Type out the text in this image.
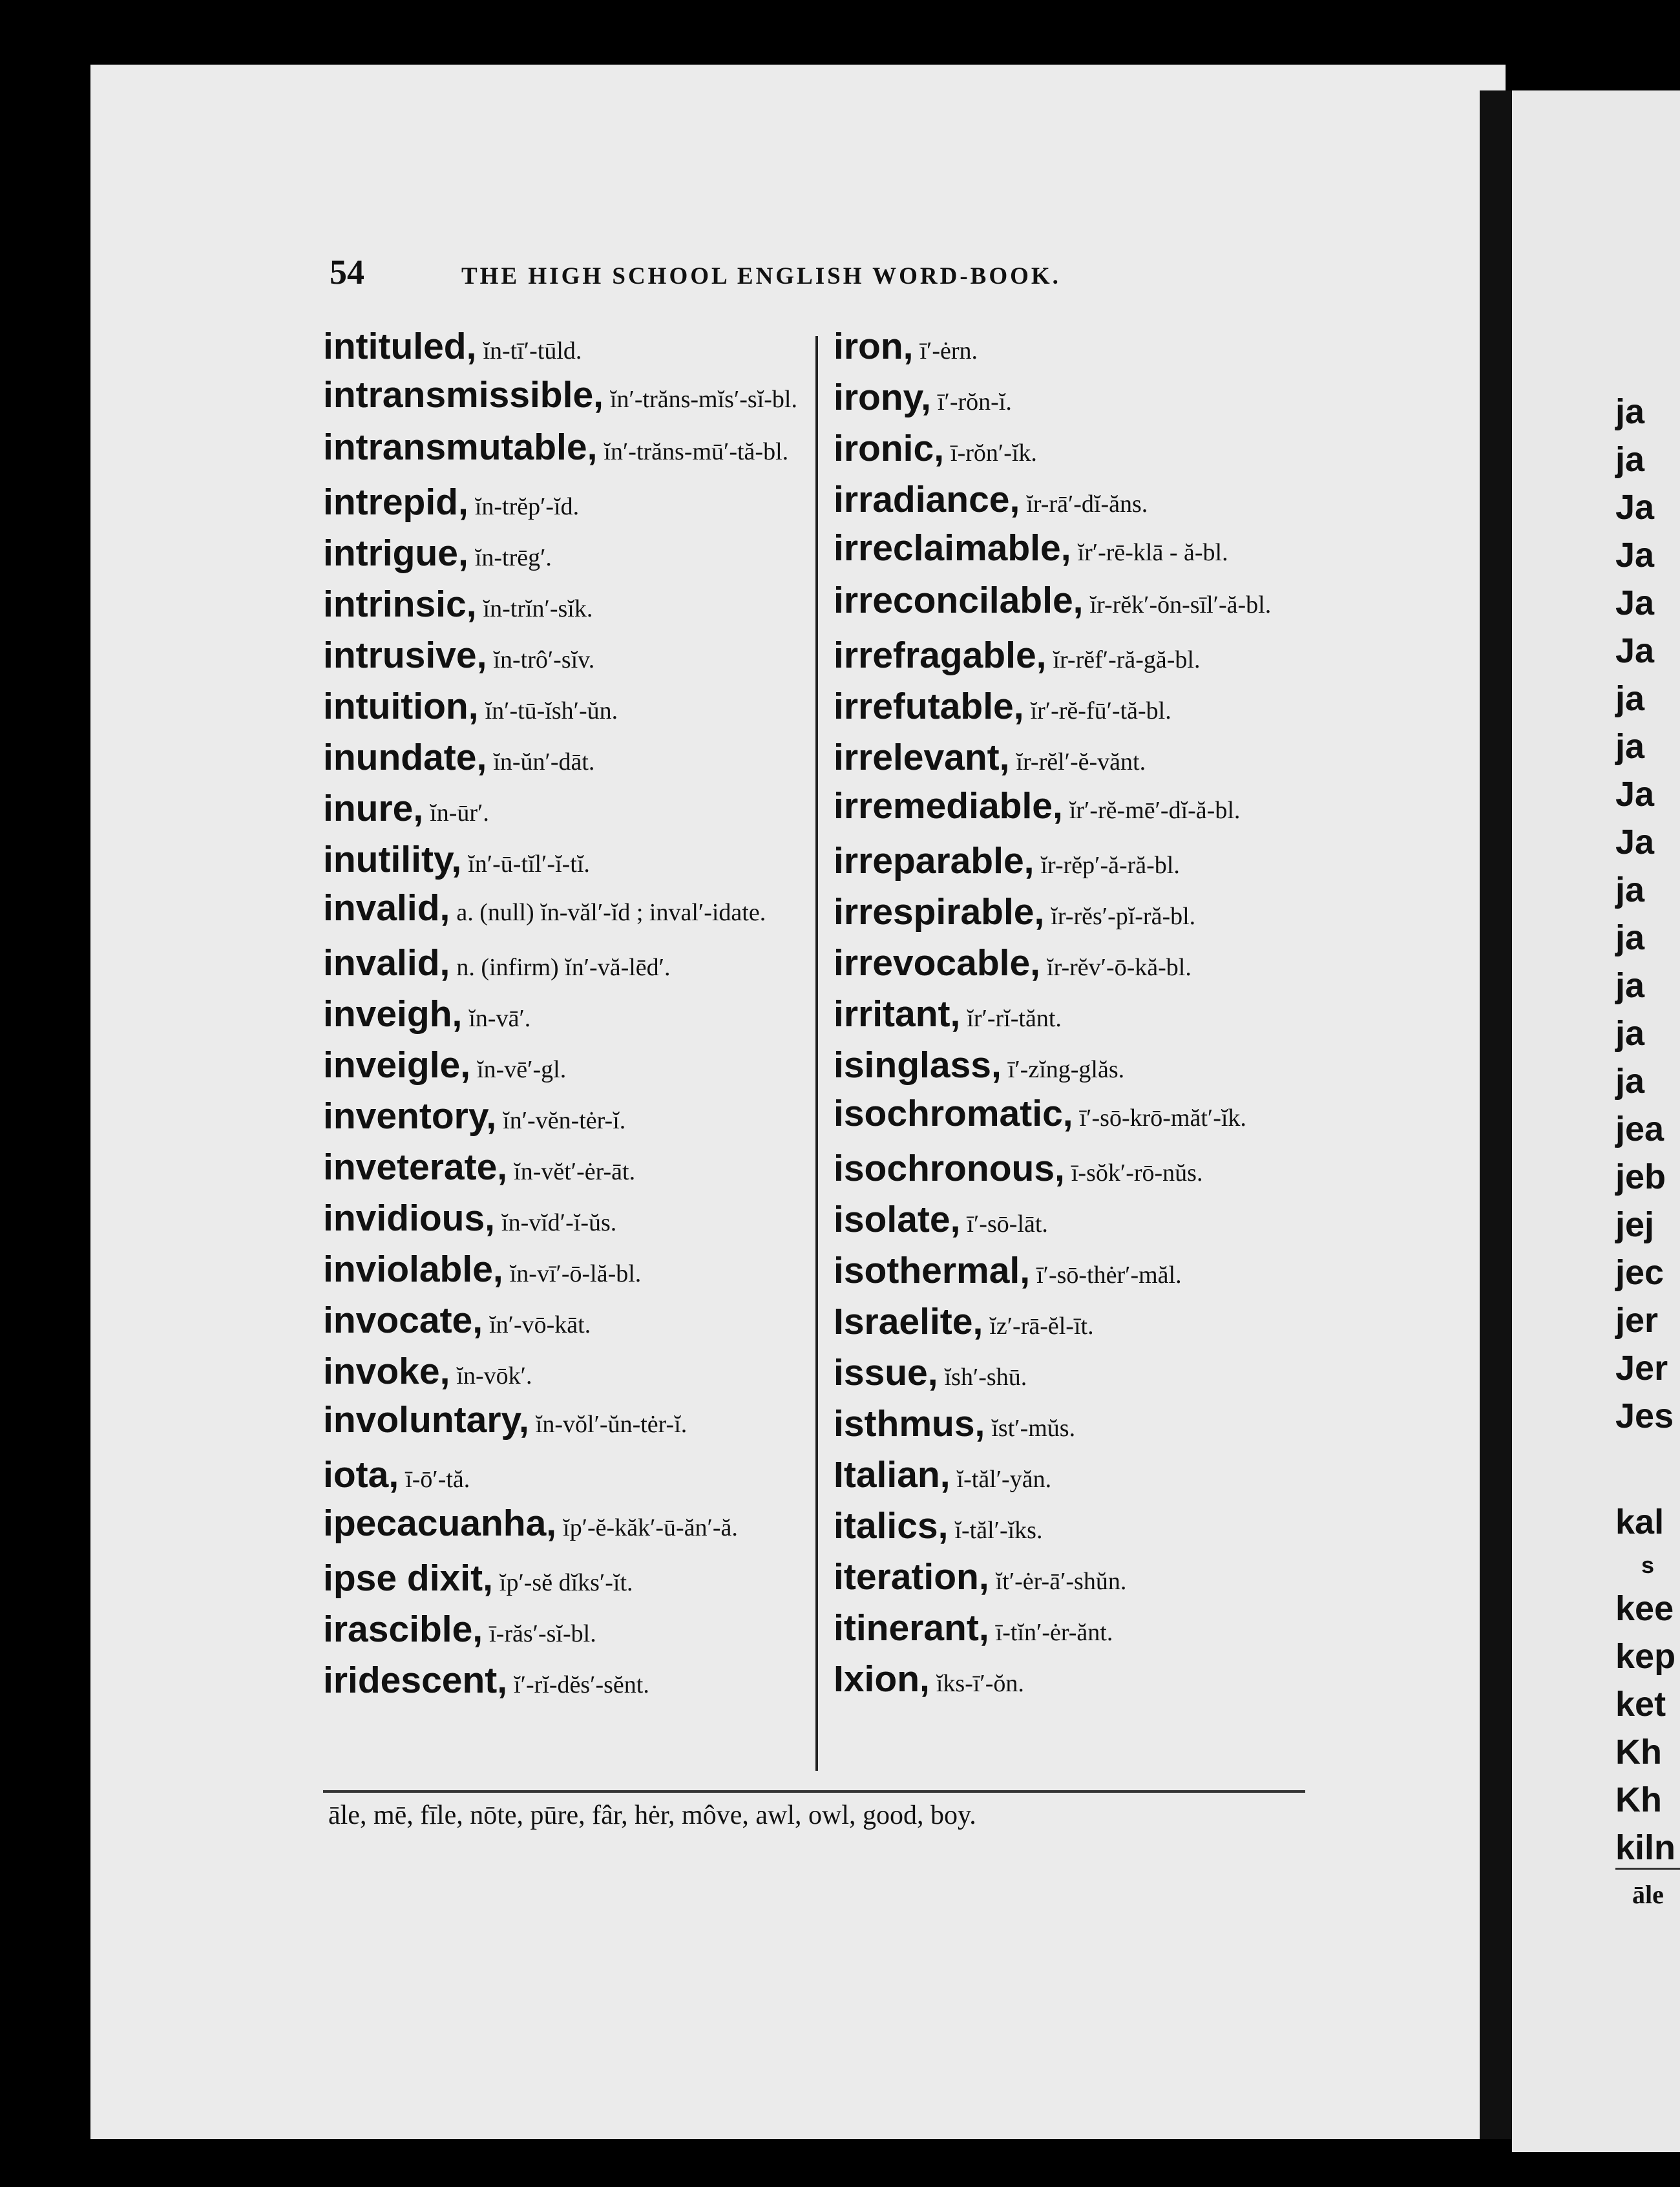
54	THE HIGH SCHOOL ENGLISH WORD-BOOK.
intituled, ĭn-tī′-tūld.
intransmissible, ĭn′-trăns-mĭs′-sĭ-bl.
intransmutable, ĭn′-trăns-mū′-tă-bl.
intrepid, ĭn-trĕp′-ĭd.
intrigue, ĭn-trēg′.
intrinsic, ĭn-trĭn′-sĭk.
intrusive, ĭn-trô′-sĭv.
intuition, ĭn′-tū-ĭsh′-ŭn.
inundate, ĭn-ŭn′-dāt.
inure, ĭn-ūr′.
inutility, ĭn′-ū-tĭl′-ĭ-tĭ.
invalid, a. (null) ĭn-văl′-ĭd ; inval′-idate.
invalid, n. (infirm) ĭn′-vă-lēd′.
inveigh, ĭn-vā′.
inveigle, ĭn-vē′-gl.
inventory, ĭn′-vĕn-tėr-ĭ.
inveterate, ĭn-vĕt′-ėr-āt.
invidious, ĭn-vĭd′-ĭ-ŭs.
inviolable, ĭn-vī′-ō-lă-bl.
invocate, ĭn′-vō-kāt.
invoke, ĭn-vōk′.
involuntary, ĭn-vŏl′-ŭn-tėr-ĭ.
iota, ī-ō′-tă.
ipecacuanha, ĭp′-ĕ-kăk′-ū-ăn′-ă.
ipse dixit, ĭp′-sĕ dĭks′-ĭt.
irascible, ī-răs′-sĭ-bl.
iridescent, ĭ′-rĭ-dĕs′-sĕnt.
iron, ī′-ėrn.
irony, ī′-rŏn-ĭ.
ironic, ī-rŏn′-ĭk.
irradiance, ĭr-rā′-dĭ-ăns.
irreclaimable, ĭr′-rē-klā - ă-bl.
irreconcilable, ĭr-rĕk′-ŏn-sīl′-ă-bl.
irrefragable, ĭr-rĕf′-ră-gă-bl.
irrefutable, ĭr′-rĕ-fū′-tă-bl.
irrelevant, ĭr-rĕl′-ĕ-vănt.
irremediable, ĭr′-rĕ-mē′-dĭ-ă-bl.
irreparable, ĭr-rĕp′-ă-ră-bl.
irrespirable, ĭr-rĕs′-pĭ-ră-bl.
irrevocable, ĭr-rĕv′-ō-kă-bl.
irritant, ĭr′-rĭ-tănt.
isinglass, ī′-zĭng-glăs.
isochromatic, ī′-sō-krō-măt′-ĭk.
isochronous, ī-sŏk′-rō-nŭs.
isolate, ī′-sō-lāt.
isothermal, ī′-sō-thėr′-măl.
Israelite, ĭz′-rā-ĕl-īt.
issue, ĭsh′-shū.
isthmus, ĭst′-mŭs.
Italian, ĭ-tăl′-yăn.
italics, ĭ-tăl′-ĭks.
iteration, ĭt′-ėr-ā′-shŭn.
itinerant, ī-tĭn′-ėr-ănt.
Ixion, ĭks-ī′-ŏn.
āle, mē, fīle, nōte, pūre, fâr, hėr, môve, awl, owl, good, boy.
ja
ja
Ja
Ja
Ja
Ja
ja
ja
Ja
Ja
ja
ja
ja
ja
ja
jea
jeb
jej
jec
jer
Jer
Jes
kal
s
kee
kep
ket
Kh
Kh
kiln
āle
